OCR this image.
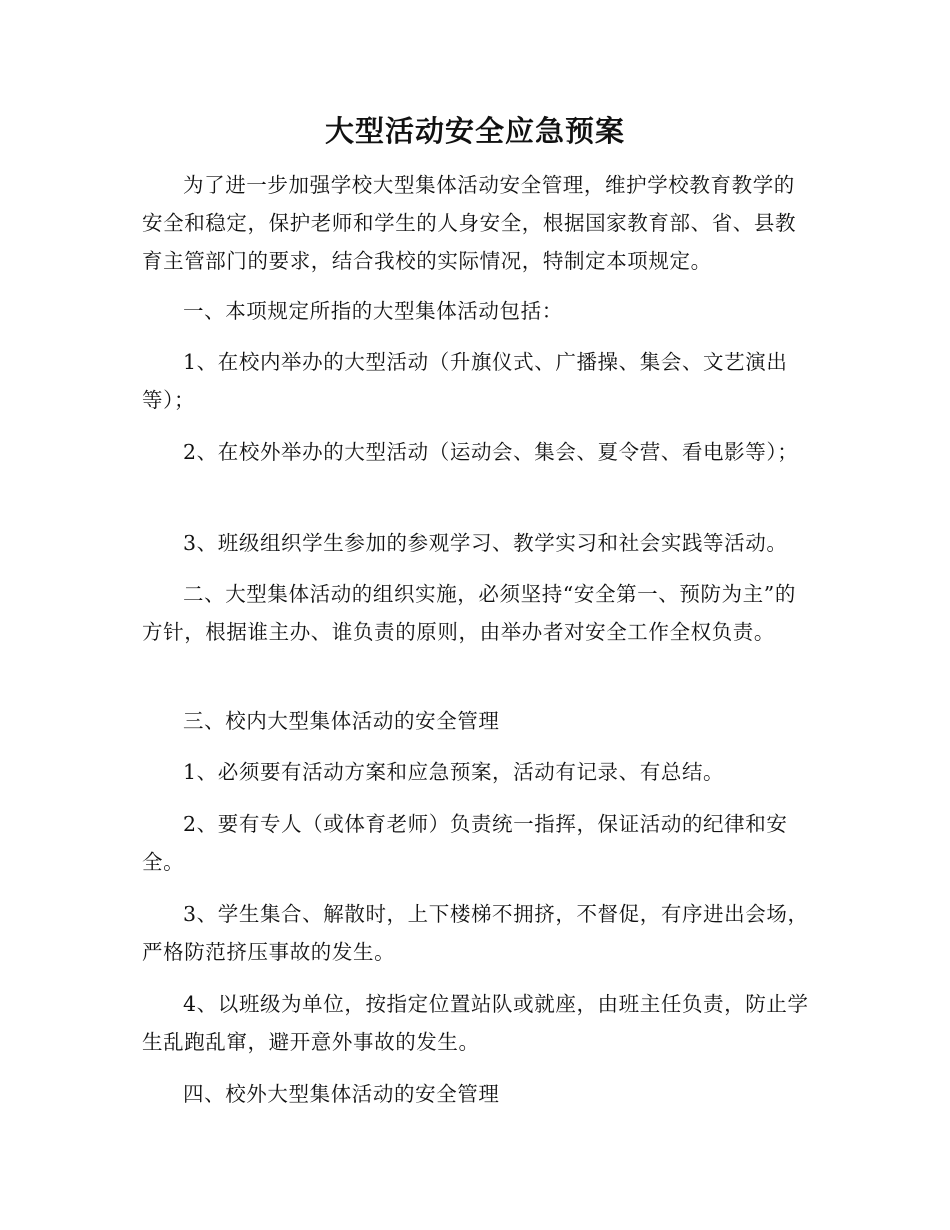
大型活动安全应急预案

为了进一步加强学校大型集体活动安全管理，维护学校教育教学的安全和稳定，保护老师和学生的人身安全，根据国家教育部、省、县教育主管部门的要求，结合我校的实际情况，特制定本项规定。

一、本项规定所指的大型集体活动包括：

1、在校内举办的大型活动（升旗仪式、广播操、集会、文艺演出等）；

2、在校外举办的大型活动（运动会、集会、夏令营、看电影等）；

3、班级组织学生参加的参观学习、教学实习和社会实践等活动。

二、大型集体活动的组织实施，必须坚持“安全第一、预防为主”的方针，根据谁主办、谁负责的原则，由举办者对安全工作全权负责。

三、校内大型集体活动的安全管理

1、必须要有活动方案和应急预案，活动有记录、有总结。

2、要有专人（或体育老师）负责统一指挥，保证活动的纪律和安全。

3、学生集合、解散时，上下楼梯不拥挤，不督促，有序进出会场，严格防范挤压事故的发生。

4、以班级为单位，按指定位置站队或就座，由班主任负责，防止学生乱跑乱窜，避开意外事故的发生。

四、校外大型集体活动的安全管理
